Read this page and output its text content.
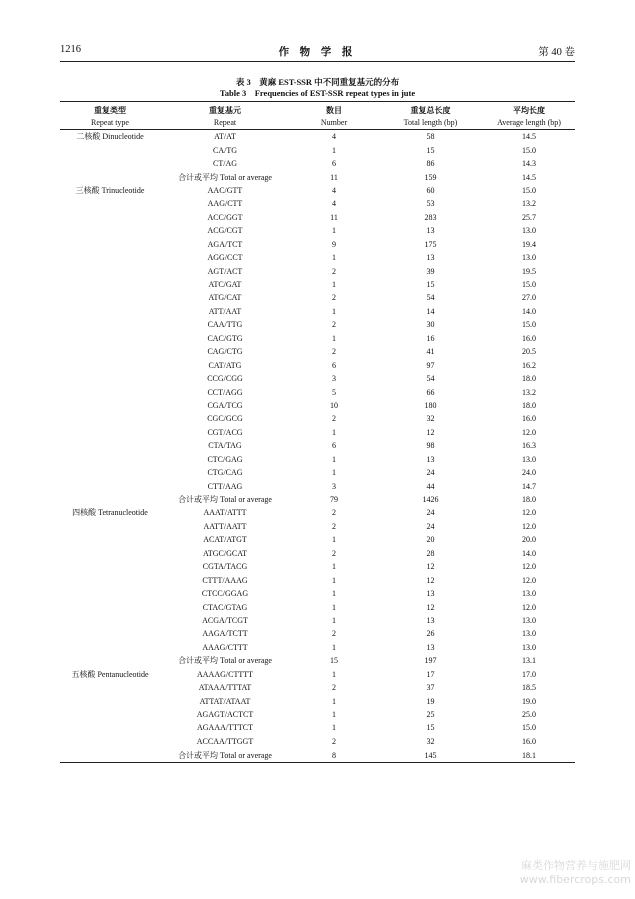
1216	作 物 学 报	第 40 卷
表 3　黄麻 EST-SSR 中不同重复基元的分布
Table 3　Frequencies of EST-SSR repeat types in jute
重复类型	重复基元	数目	重复总长度	平均长度
Repeat type	Repeat	Number	Total length (bp)	Average length (bp)
二核酸 Dinucleotide	AT/AT	4	58	14.5
	CA/TG	1	15	15.0
	CT/AG	6	86	14.3
	合计或平均 Total or average	11	159	14.5
三核酸 Trinucleotide	AAC/GTT	4	60	15.0
	AAG/CTT	4	53	13.2
	ACC/GGT	11	283	25.7
	ACG/CGT	1	13	13.0
	AGA/TCT	9	175	19.4
	AGG/CCT	1	13	13.0
	AGT/ACT	2	39	19.5
	ATC/GAT	1	15	15.0
	ATG/CAT	2	54	27.0
	ATT/AAT	1	14	14.0
	CAA/TTG	2	30	15.0
	CAC/GTG	1	16	16.0
	CAG/CTG	2	41	20.5
	CAT/ATG	6	97	16.2
	CCG/CGG	3	54	18.0
	CCT/AGG	5	66	13.2
	CGA/TCG	10	180	18.0
	CGC/GCG	2	32	16.0
	CGT/ACG	1	12	12.0
	CTA/TAG	6	98	16.3
	CTC/GAG	1	13	13.0
	CTG/CAG	1	24	24.0
	CTT/AAG	3	44	14.7
	合计或平均 Total or average	79	1426	18.0
四核酸 Tetranucleotide	AAAT/ATTT	2	24	12.0
	AATT/AATT	2	24	12.0
	ACAT/ATGT	1	20	20.0
	ATGC/GCAT	2	28	14.0
	CGTA/TACG	1	12	12.0
	CTTT/AAAG	1	12	12.0
	CTCC/GGAG	1	13	13.0
	CTAC/GTAG	1	12	12.0
	ACGA/TCGT	1	13	13.0
	AAGA/TCTT	2	26	13.0
	AAAG/CTTT	1	13	13.0
	合计或平均 Total or average	15	197	13.1
五核酸 Pentanucleotide	AAAAG/CTTTT	1	17	17.0
	ATAAA/TTTAT	2	37	18.5
	ATTAT/ATAAT	1	19	19.0
	AGAGT/ACTCT	1	25	25.0
	AGAAA/TTTCT	1	15	15.0
	ACCAA/TTGGT	2	32	16.0
	合计或平均 Total or average	8	145	18.1
麻类作物营养与施肥网
www.fibercrops.com
